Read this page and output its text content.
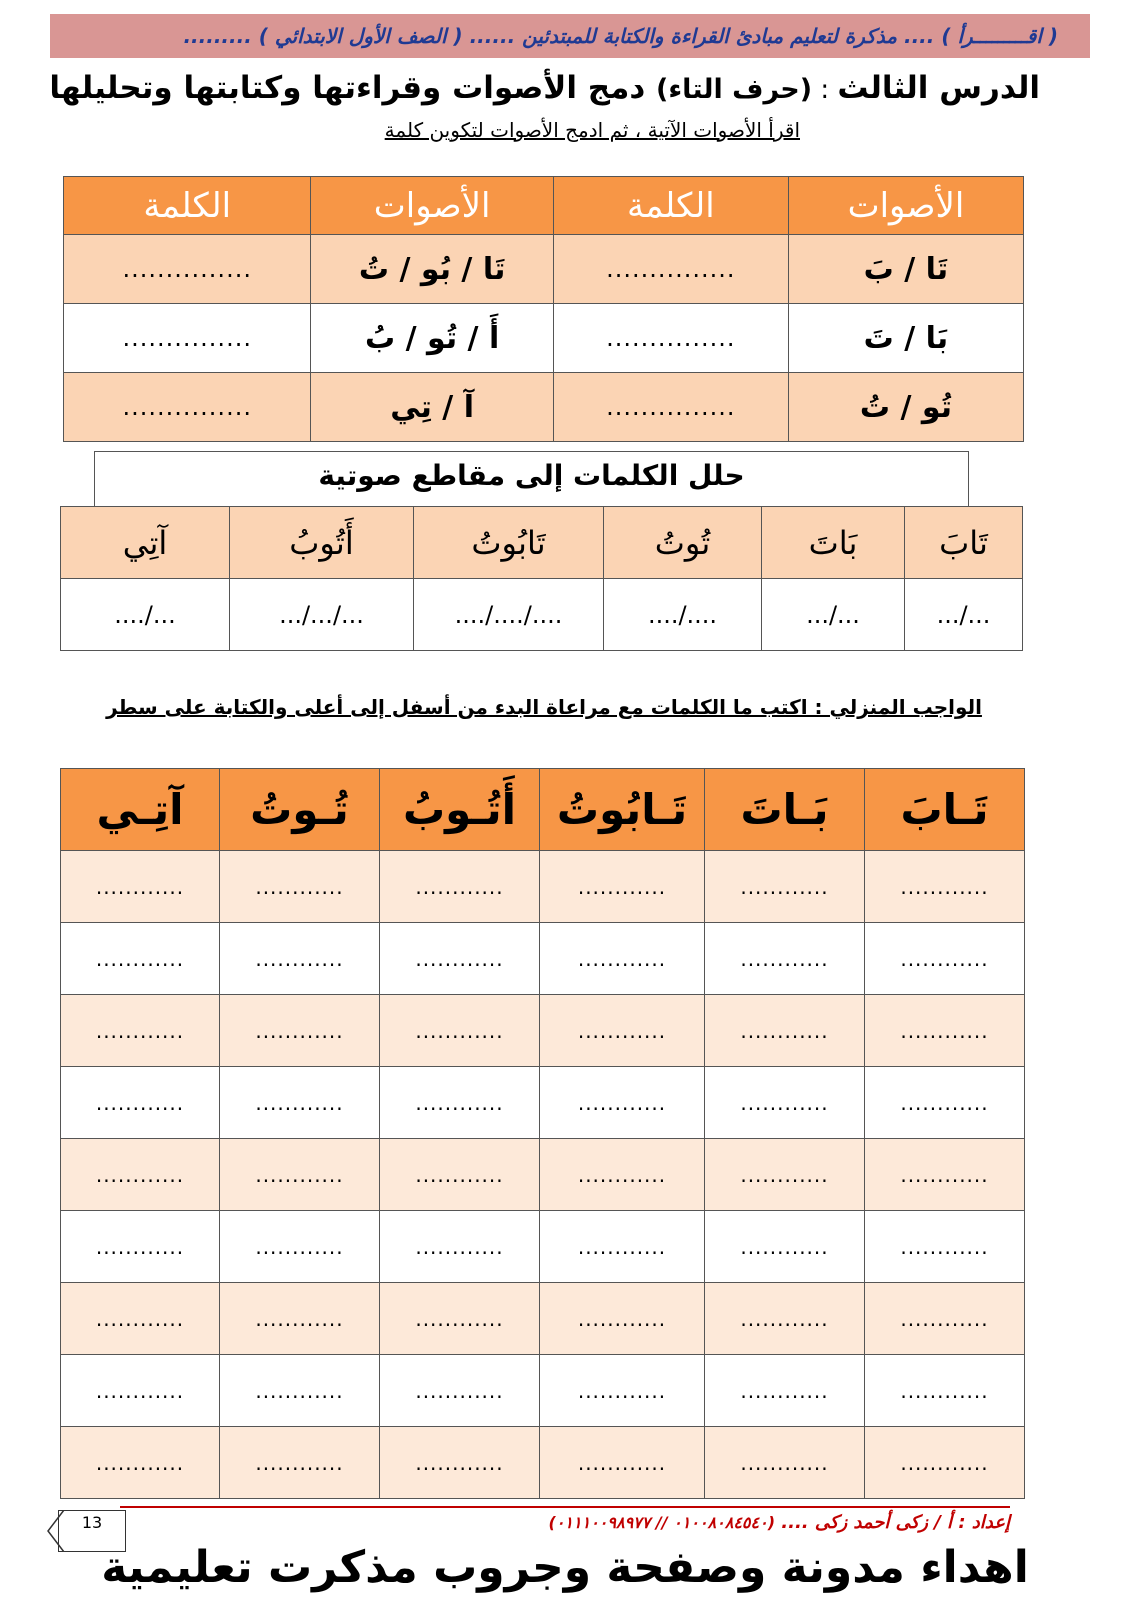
( اقـــــــــرأ ) .... مذكرة لتعليم مبادئ القراءة والكتابة للمبتدئين ...... ( الصف الأول الابتدائي ) .........
الدرس الثالث : (حرف التاء) دمج الأصوات وقراءتها وكتابتها وتحليلها
اقرأ الأصوات الآتية ، ثم ادمج الأصوات لتكوين كلمة
الأصوات	الكلمة	الأصوات	الكلمة
تَا / بَ	...............	تَا / بُو / تُ	...............
بَا / تَ	...............	أَ / تُو / بُ	...............
تُو / تُ	...............	آ / تِي	...............
حلل الكلمات إلى مقاطع صوتية
تَابَ	بَاتَ	تُوتُ	تَابُوتُ	أَتُوبُ	آتِي
.../...	.../...	..../....	..../..../....	.../.../...	.../....
الواجب المنزلي : اكتب ما الكلمات مع مراعاة البدء من أسفل إلى أعلى والكتابة على سطر
تَـابَ	بَـاتَ	تَـابُوتُ	أَتُـوبُ	تُـوتُ	آتِـي
............	............	............	............	............	............
............	............	............	............	............	............
............	............	............	............	............	............
............	............	............	............	............	............
............	............	............	............	............	............
............	............	............	............	............	............
............	............	............	............	............	............
............	............	............	............	............	............
............	............	............	............	............	............
13	إعداد : أ / زكى أحمد زكى .... (٠١٠٠٨٠٨٤٥٤٠ // ٠١١١٠٠٩٨٩٧٧)
اهداء مدونة وصفحة وجروب مذكرت تعليمية
